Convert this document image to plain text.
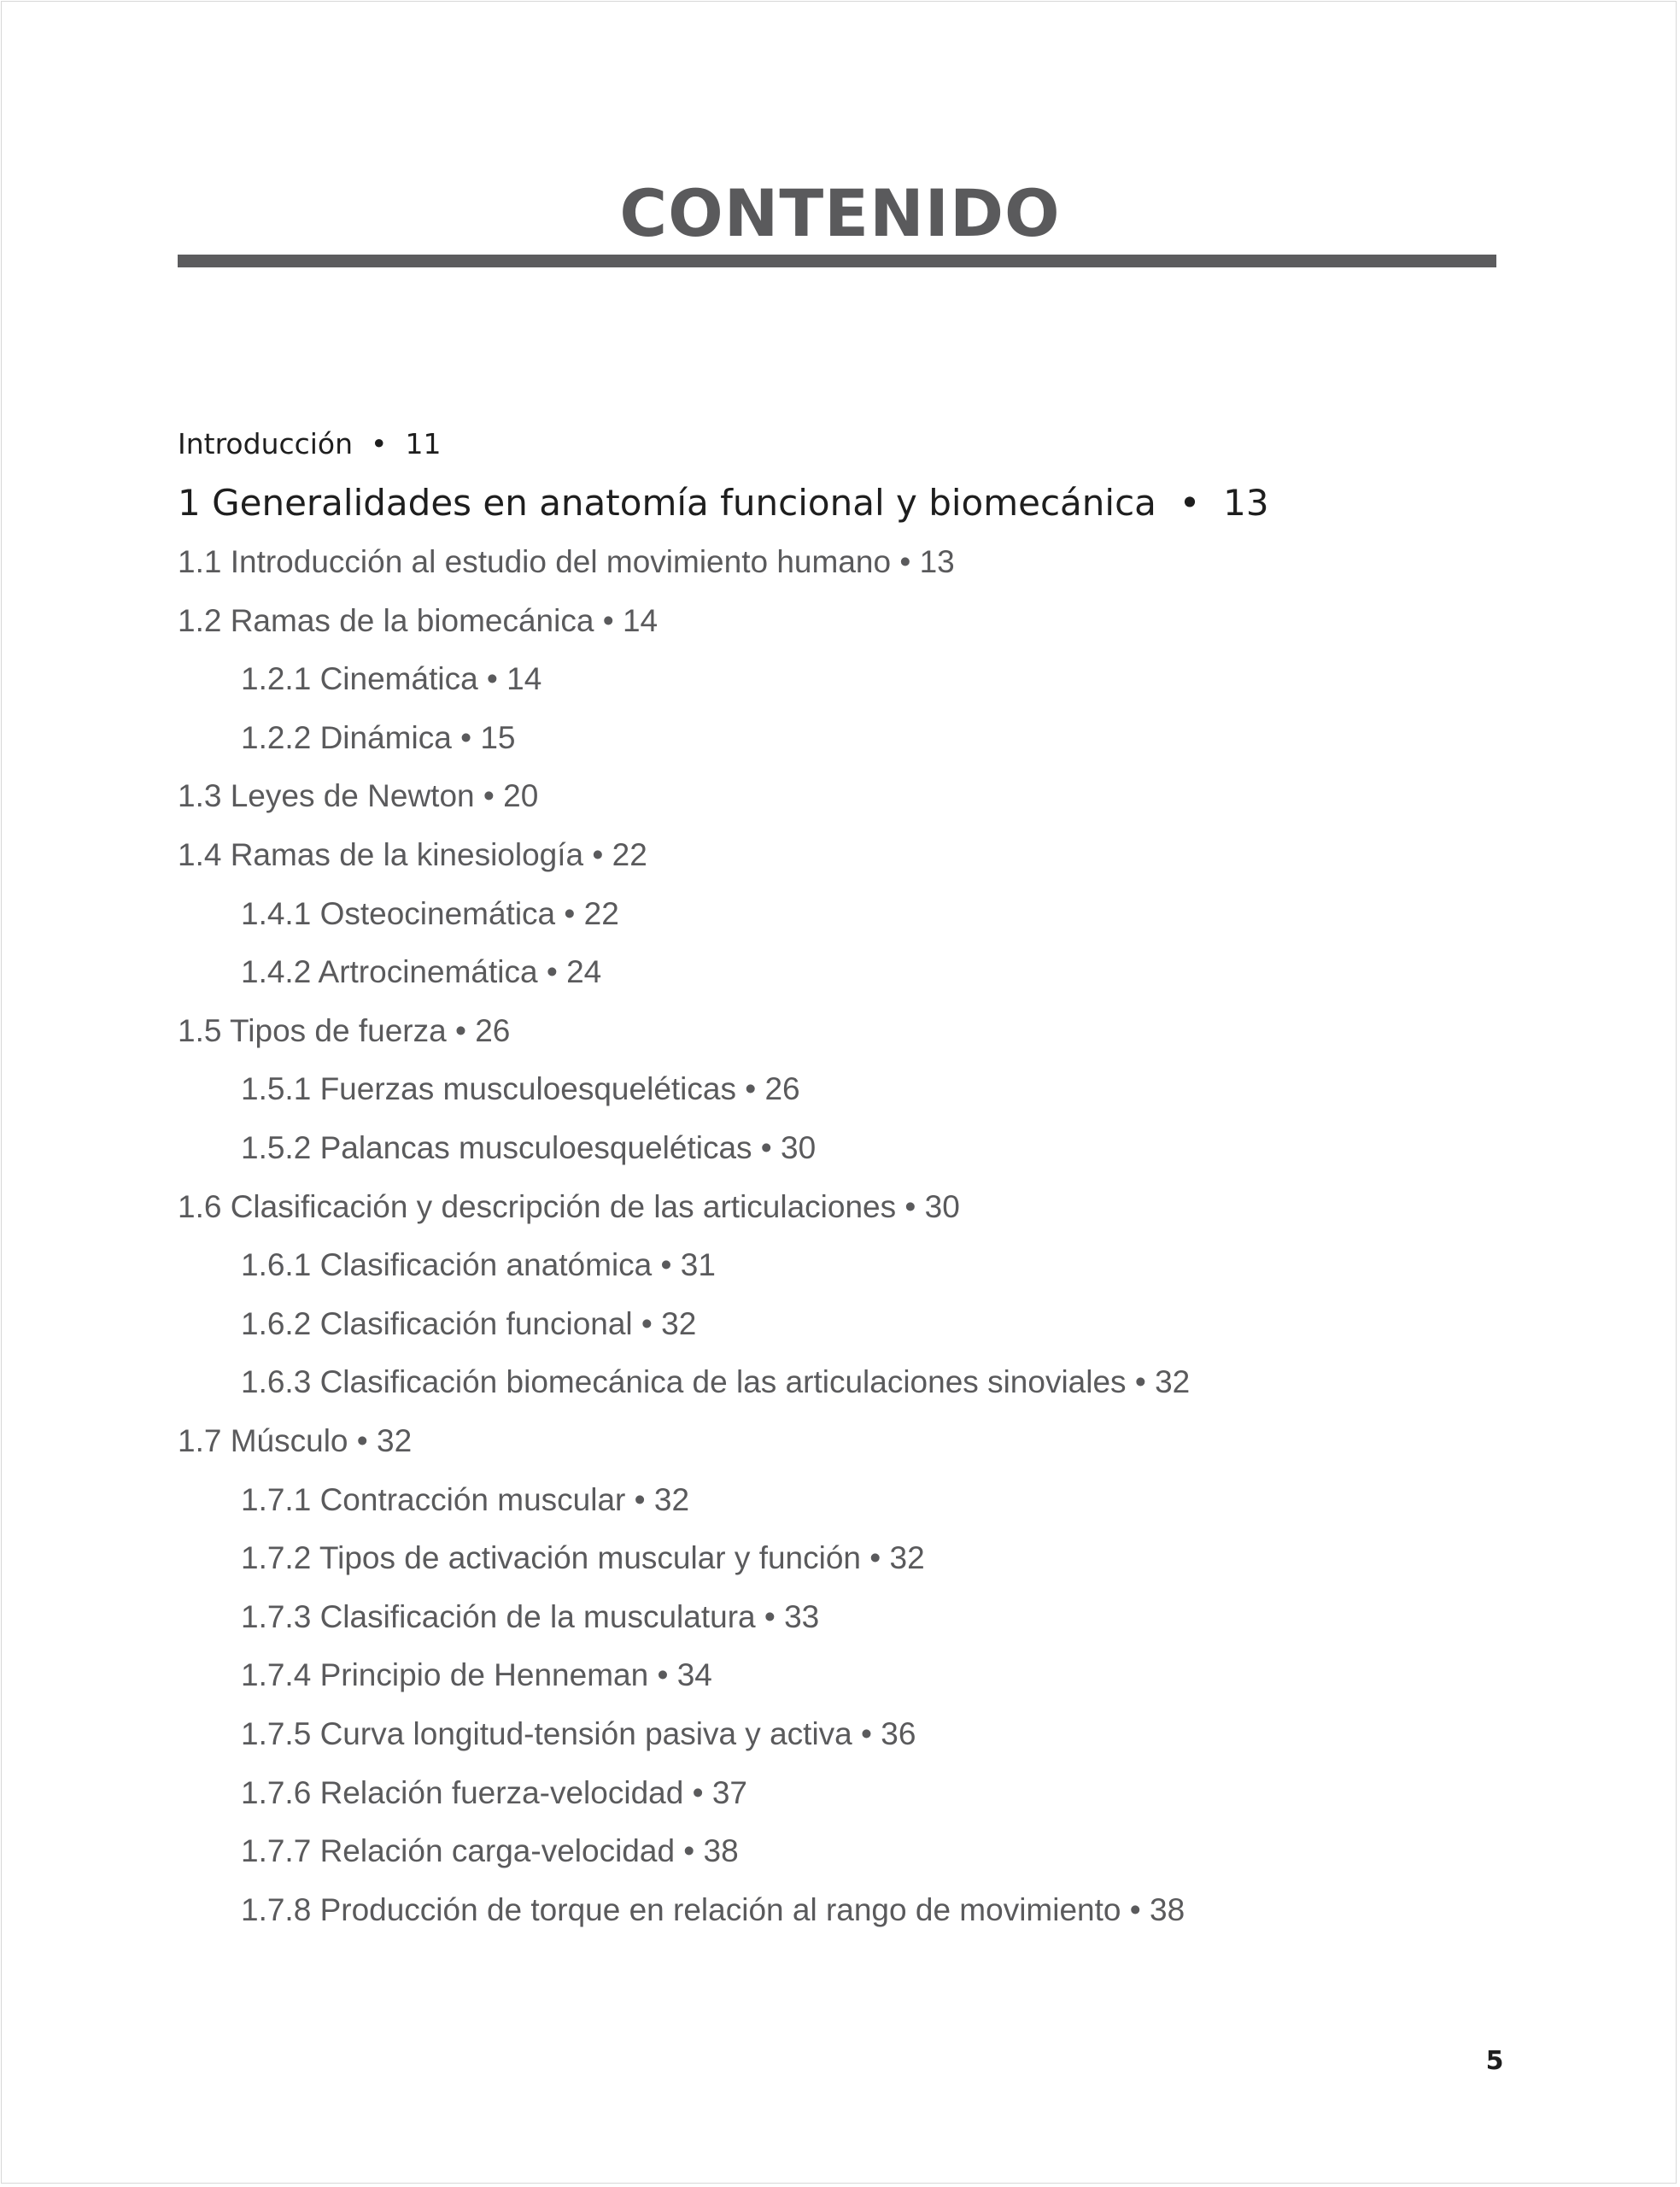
CONTENIDO
Introducción  •  11
1 Generalidades en anatomía funcional y biomecánica  •  13
1.1 Introducción al estudio del movimiento humano • 13
1.2 Ramas de la biomecánica • 14
1.2.1 Cinemática • 14
1.2.2 Dinámica • 15
1.3 Leyes de Newton • 20
1.4 Ramas de la kinesiología • 22
1.4.1 Osteocinemática • 22
1.4.2 Artrocinemática • 24
1.5 Tipos de fuerza • 26
1.5.1 Fuerzas musculoesqueléticas • 26
1.5.2 Palancas musculoesqueléticas • 30
1.6 Clasificación y descripción de las articulaciones • 30
1.6.1 Clasificación anatómica • 31
1.6.2 Clasificación funcional • 32
1.6.3 Clasificación biomecánica de las articulaciones sinoviales • 32
1.7 Músculo • 32
1.7.1 Contracción muscular • 32
1.7.2 Tipos de activación muscular y función • 32
1.7.3 Clasificación de la musculatura • 33
1.7.4 Principio de Henneman • 34
1.7.5 Curva longitud-tensión pasiva y activa • 36
1.7.6 Relación fuerza-velocidad • 37
1.7.7 Relación carga-velocidad • 38
1.7.8 Producción de torque en relación al rango de movimiento • 38
5
